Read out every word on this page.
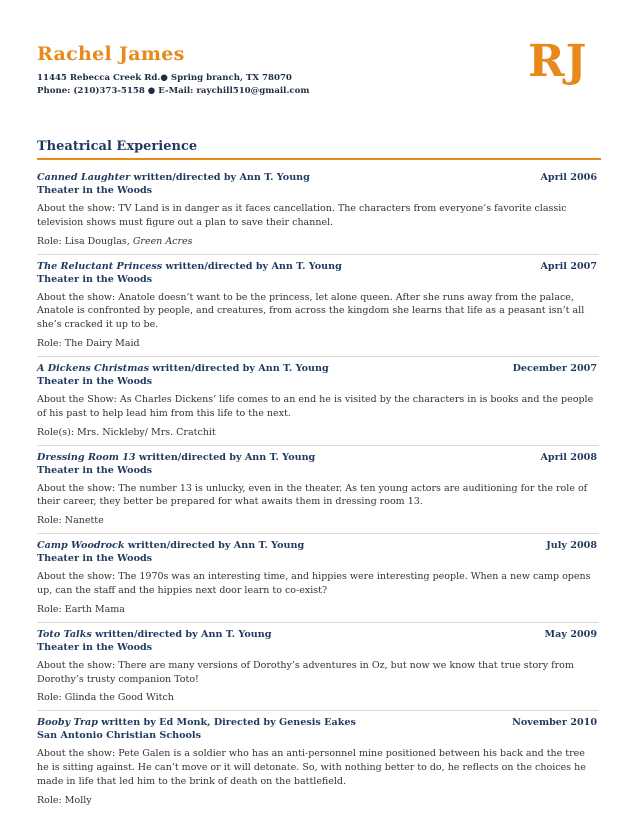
Rachel James
11445 Rebecca Creek Rd.● Spring branch, TX 78070
Phone: (210)373-5158 ● E-Mail: raychill510@gmail.com
RJ
Theatrical Experience
Canned Laughter written/directed by Ann T. Young	April 2006
Theater in the Woods
About the show: TV Land is in danger as it faces cancellation. The characters from everyone’s favorite classic television shows must figure out a plan to save their channel.
Role: Lisa Douglas, Green Acres
The Reluctant Princess written/directed by Ann T. Young	April 2007
Theater in the Woods
About the show: Anatole doesn’t want to be the princess, let alone queen. After she runs away from the palace, Anatole is confronted by people, and creatures, from across the kingdom she learns that life as a peasant isn’t all she’s cracked it up to be.
Role: The Dairy Maid
A Dickens Christmas written/directed by Ann T. Young	December 2007
Theater in the Woods
About the Show: As Charles Dickens’ life comes to an end he is visited by the characters in is books and the people of his past to help lead him from this life to the next.
Role(s): Mrs. Nickleby/ Mrs. Cratchit
Dressing Room 13 written/directed by Ann T. Young	April 2008
Theater in the Woods
About the show: The number 13 is unlucky, even in the theater. As ten young actors are auditioning for the role of their career, they better be prepared for what awaits them in dressing room 13.
Role: Nanette
Camp Woodrock written/directed by Ann T. Young	July 2008
Theater in the Woods
About the show: The 1970s was an interesting time, and hippies were interesting people. When a new camp opens up, can the staff and the hippies next door learn to co-exist?
Role: Earth Mama
Toto Talks written/directed by Ann T. Young	May 2009
Theater in the Woods
About the show: There are many versions of Dorothy’s adventures in Oz, but now we know that true story from Dorothy’s trusty companion Toto!
Role: Glinda the Good Witch
Booby Trap written by Ed Monk, Directed by Genesis Eakes	November 2010
San Antonio Christian Schools
About the show: Pete Galen is a soldier who has an anti-personnel mine positioned between his back and the tree he is sitting against. He can’t move or it will detonate. So, with nothing better to do, he reflects on the choices he made in life that led him to the brink of death on the battlefield.
Role: Molly
